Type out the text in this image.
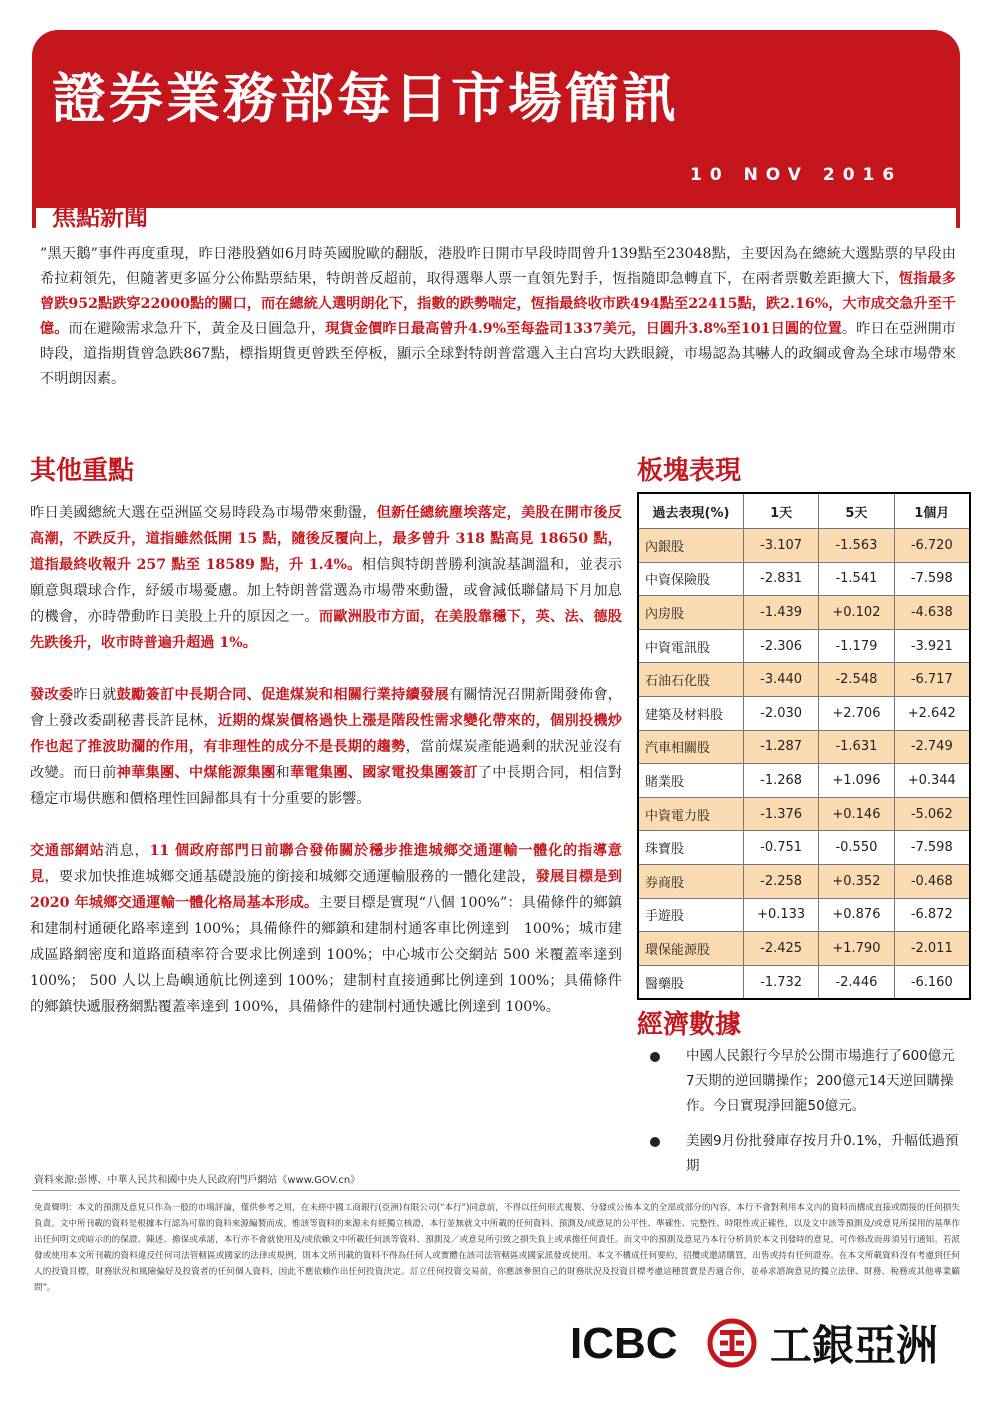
證券業務部每日市場簡訊
10 NOV 2016
焦點新聞
”黑天鵝”事件再度重現，昨日港股猶如6月時英國脫歐的翻版，港股昨日開市早段時間曾升139點至23048點，主要因為在總統大選點票的早段由希拉莉領先，但隨著更多區分公佈點票結果，特朗普反超前，取得選舉人票一直領先對手，恆指隨即急轉直下，在兩者票數差距擴大下，恆指最多曾跌952點跌穿22000點的關口，而在總統人選明朗化下，指數的跌勢喘定，恆指最終收市跌494點至22415點，跌2.16%，大市成交急升至千億。而在避險需求急升下，黃金及日圓急升，現貨金價昨日最高曾升4.9%至每盎司1337美元，日圓升3.8%至101日圓的位置。昨日在亞洲開市時段，道指期貨曾急跌867點，標指期貨更曾跌至停板，顯示全球對特朗普當選入主白宮均大跌眼鏡，市場認為其嚇人的政綱或會為全球市場帶來不明朗因素。
其他重點

昨日美國總統大選在亞洲區交易時段為市場帶來動盪，但新任總統塵埃落定，美股在開市後反高潮，不跌反升，道指雖然低開 15 點，隨後反覆向上，最多曾升 318 點高見 18650 點，道指最終收報升 257 點至 18589 點，升 1.4%。相信與特朗普勝利演說基調溫和，並表示願意與環球合作，紓緩市場憂慮。加上特朗普當選為市場帶來動盪，或會減低聯儲局下月加息的機會，亦時帶動昨日美股上升的原因之一。而歐洲股市方面，在美股靠穩下，英、法、德股先跌後升，收市時普遍升超過 1%。

發改委昨日就鼓勵簽訂中長期合同、促進煤炭和相關行業持續發展有關情況召開新聞發佈會，會上發改委副秘書長許昆林，近期的煤炭價格過快上漲是階段性需求變化帶來的，個別投機炒作也起了推波助瀾的作用，有非理性的成分不是長期的趨勢，當前煤炭產能過剩的狀況並沒有改變。而日前神華集團、中煤能源集團和華電集團、國家電投集團簽訂了中長期合同，相信對穩定市場供應和價格理性回歸都具有十分重要的影響。

交通部網站消息，11 個政府部門日前聯合發佈關於穩步推進城鄉交通運輸一體化的指導意見，要求加快推進城鄉交通基礎設施的銜接和城鄉交通運輸服務的一體化建設，發展目標是到 2020 年城鄉交通運輸一體化格局基本形成。主要目標是實現“八個 100%”：具備條件的鄉鎮和建制村通硬化路率達到 100%；具備條件的鄉鎮和建制村通客車比例達到　100%；城市建成區路網密度和道路面積率符合要求比例達到 100%；中心城市公交網站 500 米覆蓋率達到 100%； 500 人以上島嶼通航比例達到 100%；建制村直接通郵比例達到 100%；具備條件的鄉鎮快遞服務網點覆蓋率達到 100%，具備條件的建制村通快遞比例達到 100%。

板塊表現
過去表現(%)	1天	5天	1個月
內銀股	-3.107	-1.563	-6.720
中資保險股	-2.831	-1.541	-7.598
內房股	-1.439	+0.102	-4.638
中資電訊股	-2.306	-1.179	-3.921
石油石化股	-3.440	-2.548	-6.717
建築及材料股	-2.030	+2.706	+2.642
汽車相關股	-1.287	-1.631	-2.749
賭業股	-1.268	+1.096	+0.344
中資電力股	-1.376	+0.146	-5.062
珠寶股	-0.751	-0.550	-7.598
券商股	-2.258	+0.352	-0.468
手遊股	+0.133	+0.876	-6.872
環保能源股	-2.425	+1.790	-2.011
醫藥股	-1.732	-2.446	-6.160
經濟數據
中國人民銀行今早於公開市場進行了600億元7天期的逆回購操作；200億元14天逆回購操作。今日實現淨回籠50億元。
美國9月份批發庫存按月升0.1%，升幅低過預期
資料來源:彭博、中華人民共和國中央人民政府門戶網站《www.GOV.cn》
免責聲明：本文的預測及意見只作為一般的市場評論，僅供參考之用，在未經中國工商銀行(亞洲)有限公司(“本行”)同意前，不得以任何形式複製、分發或公佈本文的全部或部分的內容，本行不會對利用本文內的資料而構成直接或間接的任何損失負責。文中所刊載的資料是根據本行認為可靠的資料來源編製而成，惟該等資料的來源未有經獨立核證，本行並無就文中所載的任何資料、預測及/或意見的公平性、準確性、完整性、時限性或正確性，以及文中該等預測及/或意見所採用的基準作出任何明文或暗示的的保證、陳述、擔保或承諾，本行亦不會就使用及/或依賴文中所載任何該等資料、預測及／或意見所引致之損失負上或承擔任何責任。而文中的預測及意見乃本行分析員於本文刊發時的意見，可作修改而毋須另行通知。若派發或使用本文所刊載的資料違反任何司法管轄區或國家的法律或規例，則本文所刊載的資料不得為任何人或實體在該司法管轄區或國家派發或使用。本文不構成任何要約，招攬或邀請購買，出售或持有任何證券。在本文所載資料沒有考慮到任何人的投資目標，財務狀況和風險偏好及投資者的任何個人資料，因此不應依賴作出任何投資決定。訂立任何投資交易前，你應該參照自己的財務狀況及投資目標考慮這種買賣是否適合你，並尋求諮詢意見的獨立法律、財務、稅務或其他專業顧問”。
ICBC 工銀亞洲
